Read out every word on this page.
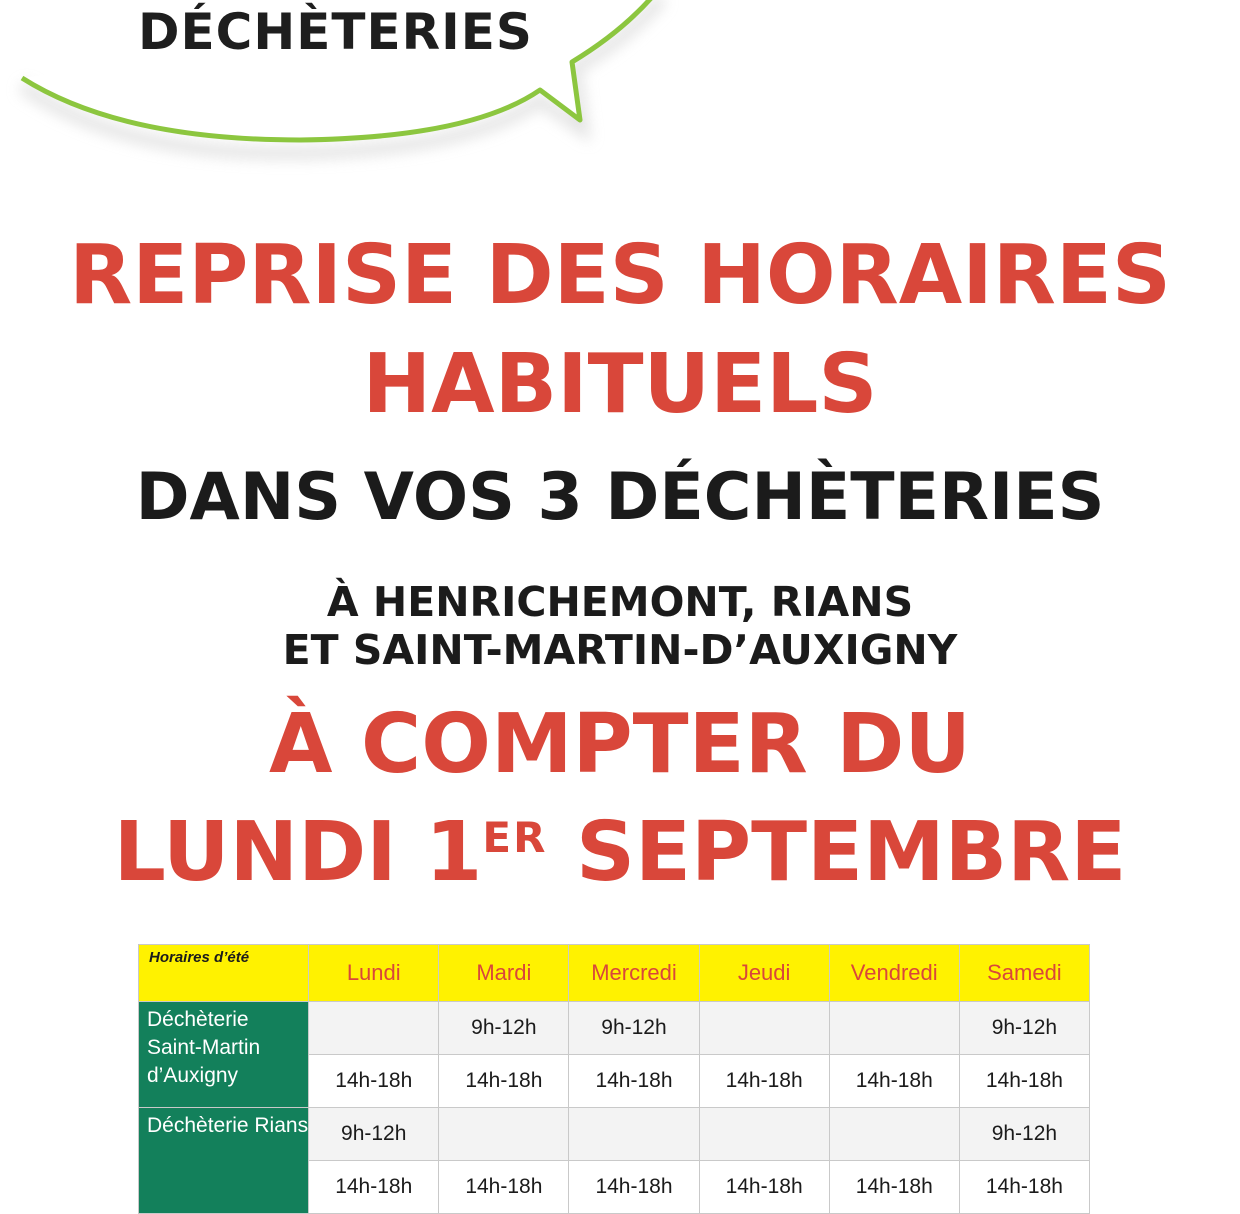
DÉCHÈTERIES
REPRISE DES HORAIRES
HABITUELS
DANS VOS 3 DÉCHÈTERIES
À HENRICHEMONT, RIANS
ET SAINT-MARTIN-D’AUXIGNY
À COMPTER DU
LUNDI 1ER SEPTEMBRE
Horaires d’été	Lundi	Mardi	Mercredi	Jeudi	Vendredi	Samedi
Déchèterie Saint-Martin d’Auxigny		9h-12h	9h-12h			9h-12h
	14h-18h	14h-18h	14h-18h	14h-18h	14h-18h	14h-18h
Déchèterie Rians	9h-12h					9h-12h
	14h-18h	14h-18h	14h-18h	14h-18h	14h-18h	14h-18h
